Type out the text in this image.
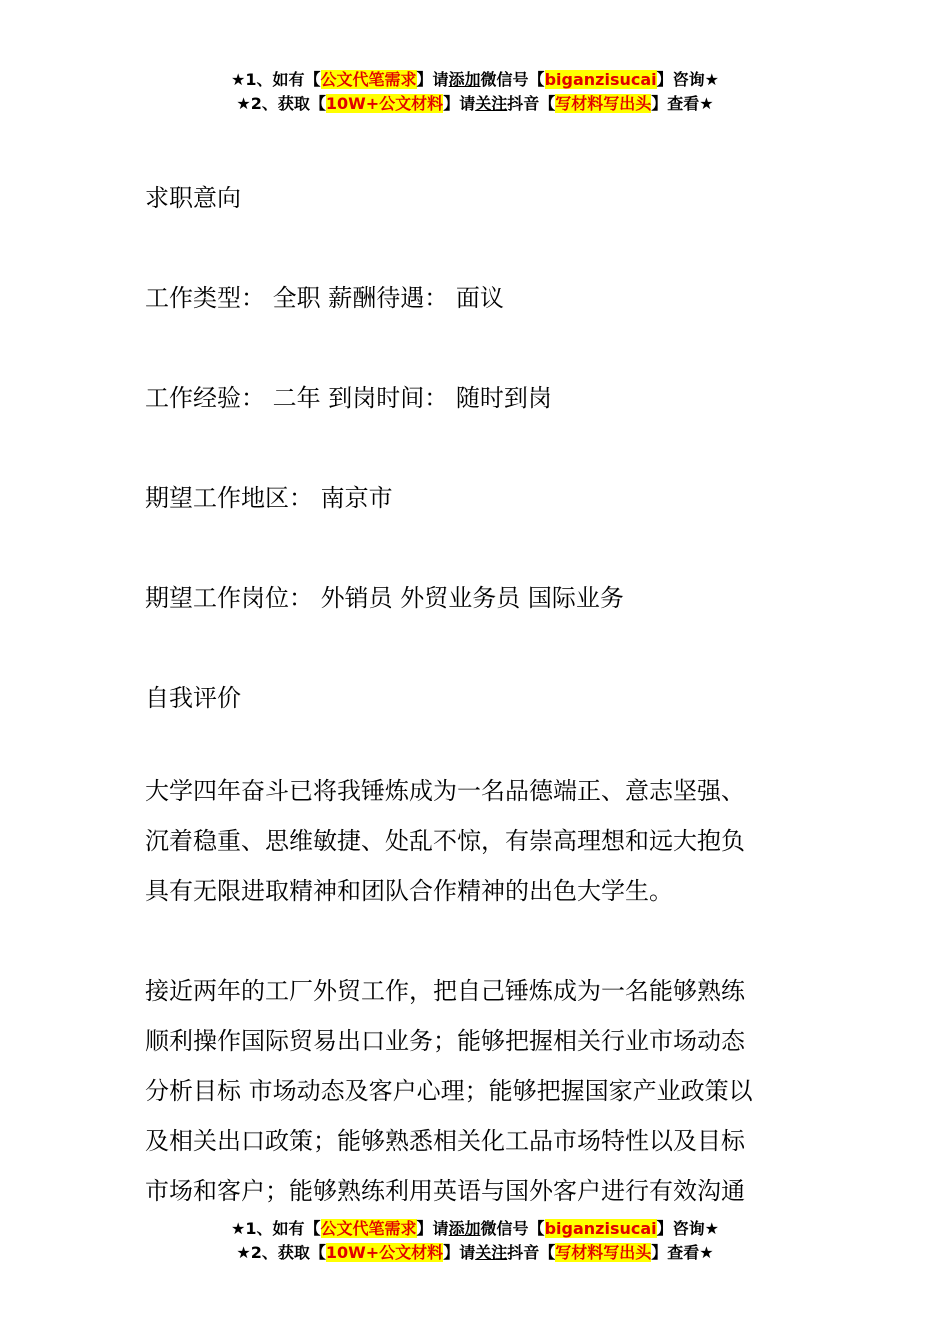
★1、如有【公文代笔需求】请添加微信号【biganzisucai】咨询★
★2、获取【10W+公文材料】请关注抖音【写材料写出头】查看★
求职意向
工作类型： 全职 薪酬待遇： 面议
工作经验： 二年 到岗时间： 随时到岗
期望工作地区： 南京市
期望工作岗位： 外销员 外贸业务员 国际业务
自我评价
大学四年奋斗已将我锤炼成为一名品德端正、意志坚强、
沉着稳重、思维敏捷、处乱不惊，有崇高理想和远大抱负
具有无限进取精神和团队合作精神的出色大学生。
接近两年的工厂外贸工作，把自己锤炼成为一名能够熟练
顺利操作国际贸易出口业务；能够把握相关行业市场动态
分析目标 市场动态及客户心理；能够把握国家产业政策以
及相关出口政策；能够熟悉相关化工品市场特性以及目标
市场和客户；能够熟练利用英语与国外客户进行有效沟通
★1、如有【公文代笔需求】请添加微信号【biganzisucai】咨询★
★2、获取【10W+公文材料】请关注抖音【写材料写出头】查看★
